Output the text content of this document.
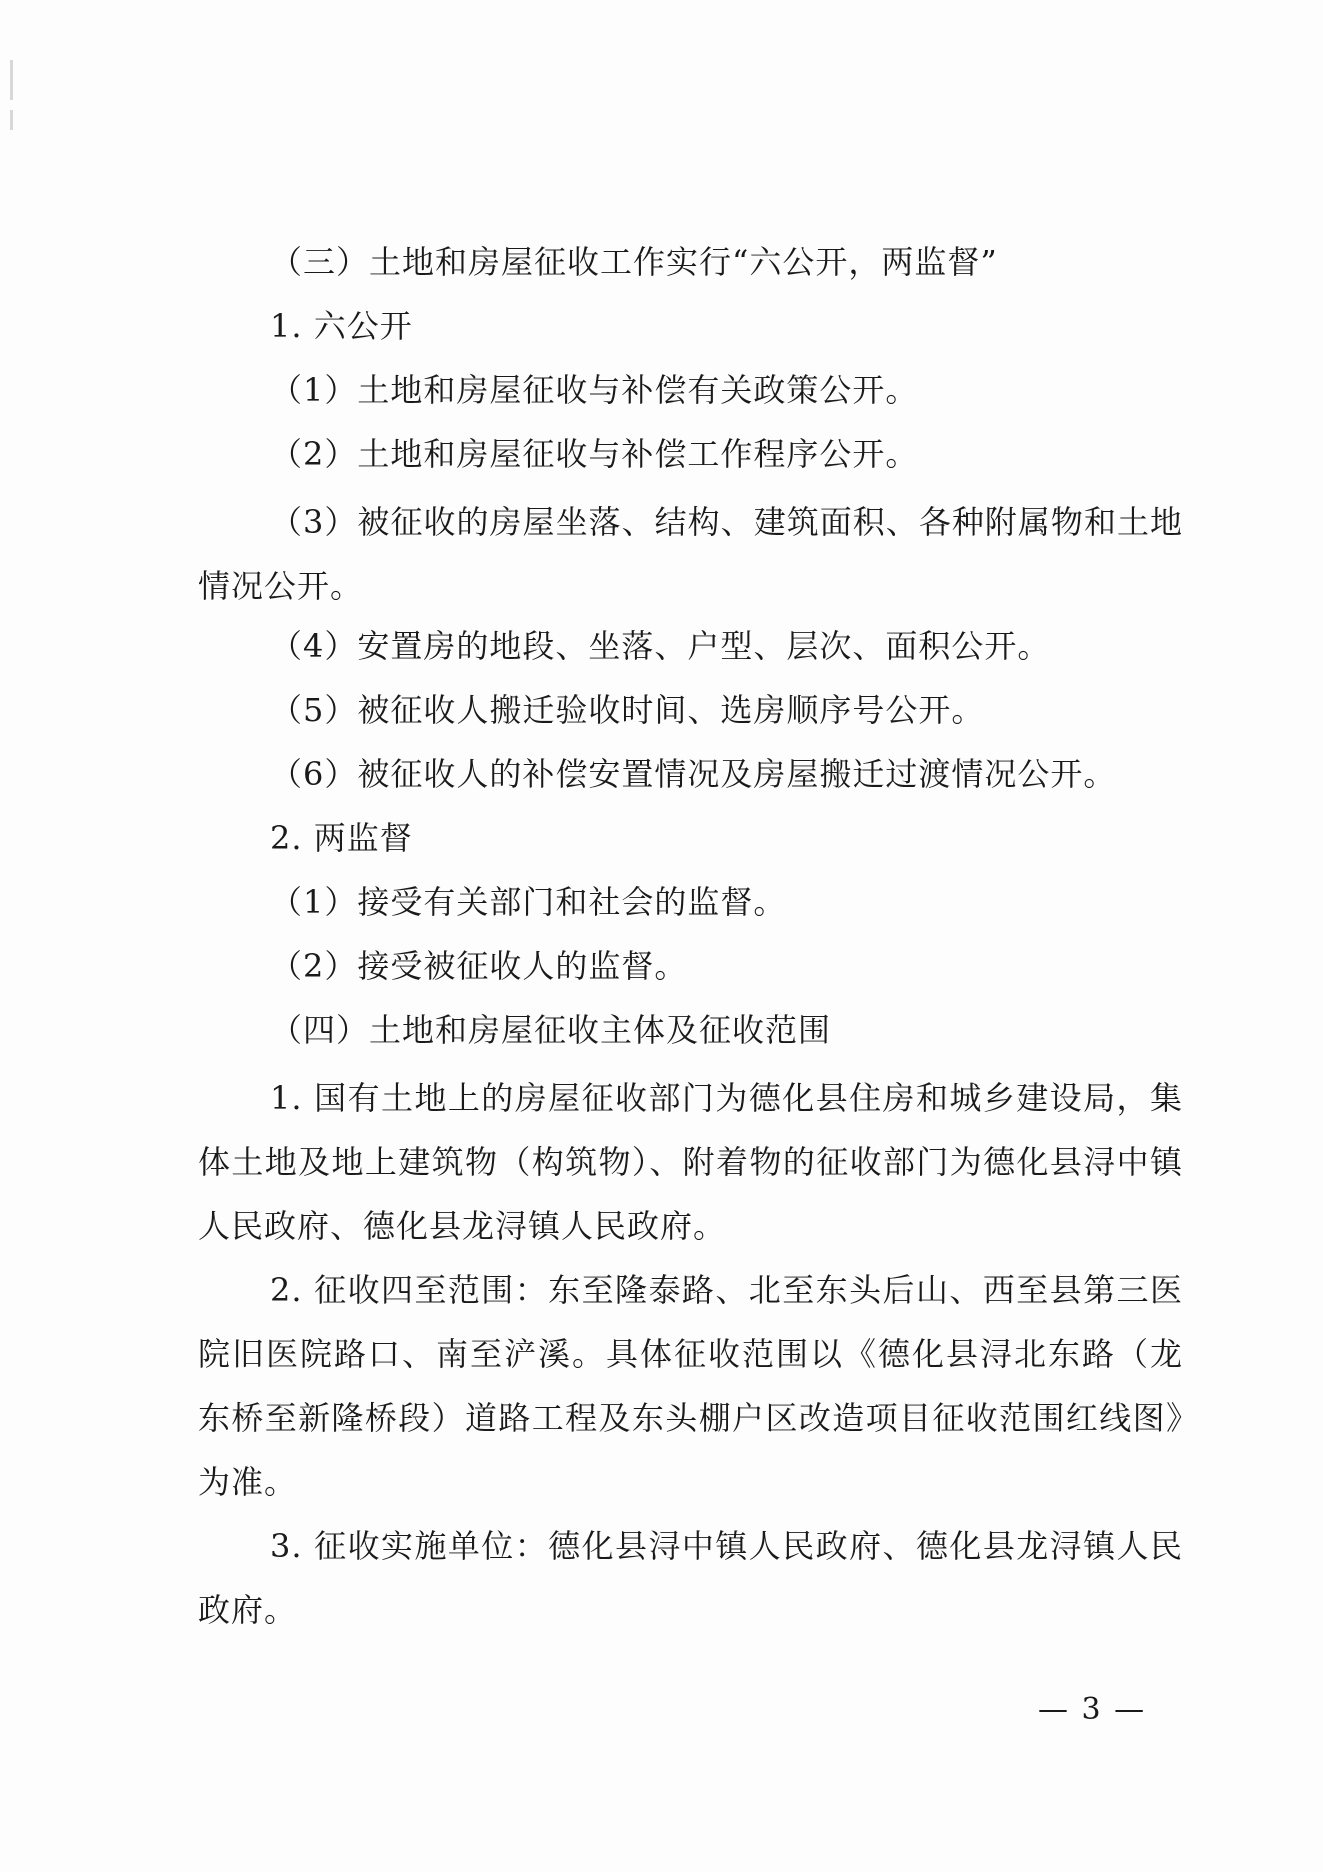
（三）土地和房屋征收工作实行“六公开，两监督”
1. 六公开
（1）土地和房屋征收与补偿有关政策公开。
（2）土地和房屋征收与补偿工作程序公开。
（3）被征收的房屋坐落、结构、建筑面积、各种附属物和土地情况公开。
（4）安置房的地段、坐落、户型、层次、面积公开。
（5）被征收人搬迁验收时间、选房顺序号公开。
（6）被征收人的补偿安置情况及房屋搬迁过渡情况公开。
2. 两监督
（1）接受有关部门和社会的监督。
（2）接受被征收人的监督。
（四）土地和房屋征收主体及征收范围
1. 国有土地上的房屋征收部门为德化县住房和城乡建设局，集体土地及地上建筑物（构筑物）、附着物的征收部门为德化县浔中镇人民政府、德化县龙浔镇人民政府。
2. 征收四至范围：东至隆泰路、北至东头后山、西至县第三医院旧医院路口、南至浐溪。具体征收范围以《德化县浔北东路（龙东桥至新隆桥段）道路工程及东头棚户区改造项目征收范围红线图》为准。
3. 征收实施单位：德化县浔中镇人民政府、德化县龙浔镇人民政府。
— 3 —
